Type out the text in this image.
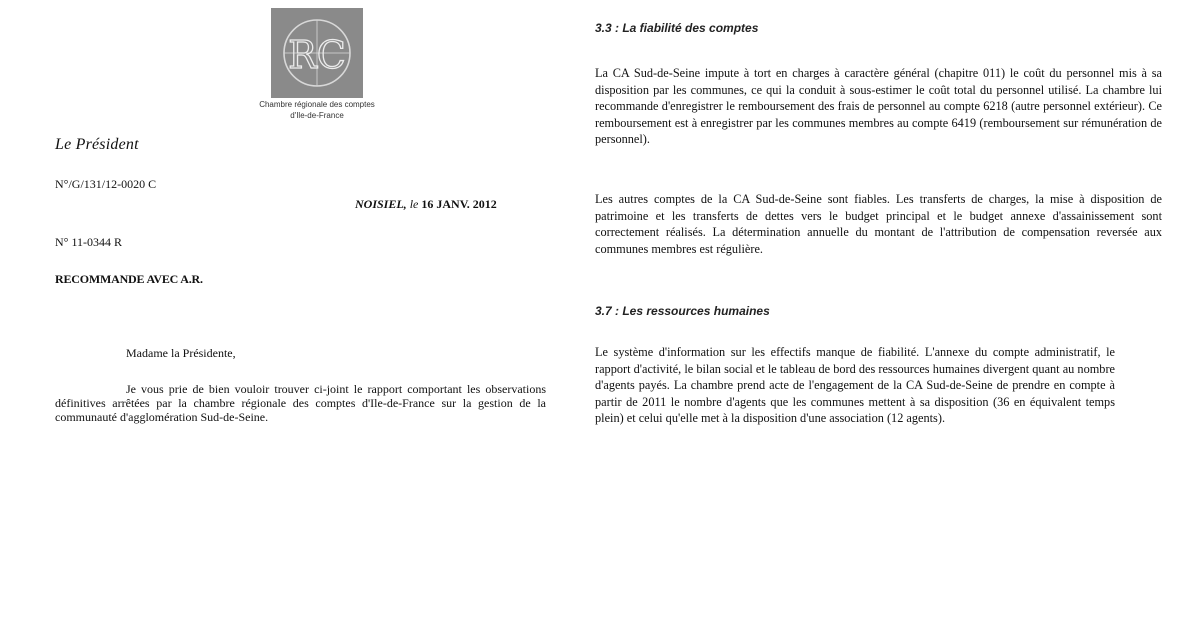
RC
Chambre régionale des comptes
d'Ile-de-France
Le Président
N°/G/131/12-0020 C
NOISIEL, le 16 JANV. 2012
N° 11-0344 R
RECOMMANDE AVEC A.R.
Madame la Présidente,

Je vous prie de bien vouloir trouver ci-joint le rapport comportant les observations définitives arrêtées par la chambre régionale des comptes d'Ile-de-France sur la gestion de la communauté d'agglomération Sud-de-Seine.

3.3 : La fiabilité des comptes

La CA Sud-de-Seine impute à tort en charges à caractère général (chapitre 011) le coût du personnel mis à sa disposition par les communes, ce qui la conduit à sous-estimer le coût total du personnel utilisé. La chambre lui recommande d'enregistrer le remboursement des frais de personnel au compte 6218 (autre personnel extérieur). Ce remboursement est à enregistrer par les communes membres au compte 6419 (remboursement sur rémunération de personnel).

Les autres comptes de la CA Sud-de-Seine sont fiables. Les transferts de charges, la mise à disposition de patrimoine et les transferts de dettes vers le budget principal et le budget annexe d'assainissement sont correctement réalisés. La détermination annuelle du montant de l'attribution de compensation reversée aux communes membres est régulière.

3.7 : Les ressources humaines

Le système d'information sur les effectifs manque de fiabilité. L'annexe du compte administratif, le rapport d'activité, le bilan social et le tableau de bord des ressources humaines divergent quant au nombre d'agents payés. La chambre prend acte de l'engagement de la CA Sud-de-Seine de prendre en compte à partir de 2011 le nombre d'agents que les communes mettent à sa disposition (36 en équivalent temps plein) et celui qu'elle met à la disposition d'une association (12 agents).
